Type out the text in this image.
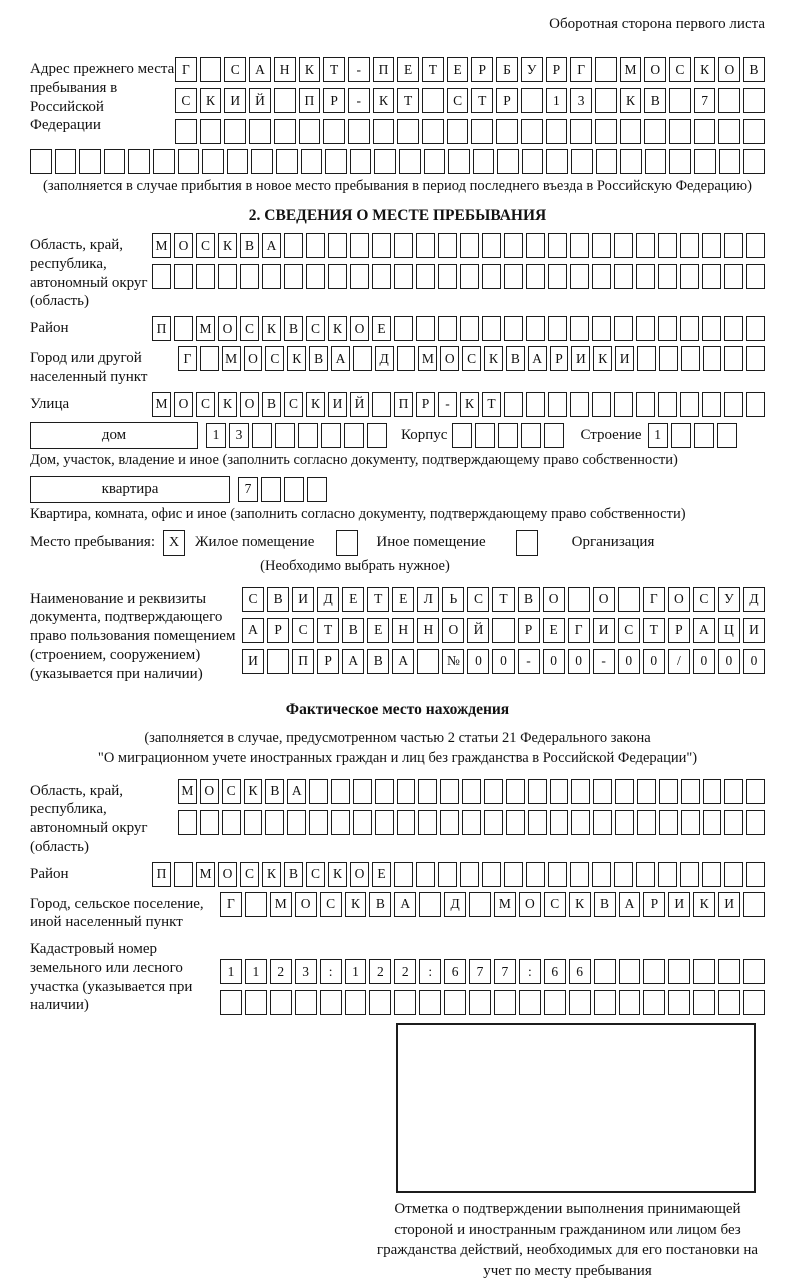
Оборотная сторона первого листа
Адрес прежнего места пребывания в Российской Федерации
Г	С	А	Н	К	Т	-	П	Е	Т	Е	Р	Б	У	Р	Г	М	О	С	К	О	В
С	К	И	Й	П	Р	-	К	Т	С	Т	Р	1	3	К	В	7
(заполняется в случае прибытия в новое место пребывания в период последнего въезда в Российскую Федерацию)
2. СВЕДЕНИЯ О МЕСТЕ ПРЕБЫВАНИЯ
Область, край, республика, автономный округ (область)
М О С К В А
Район	П	М О С К В С К О Е
Город или другой населенный пункт
Г	М О С К В А	Д	М О С К В А Р И К И
Улица	М О С К О В С К И Й	П Р	-	К Т
дом	1	3	Корпус	Строение 1
Дом, участок, владение и иное (заполнить согласно документу, подтверждающему право собственности)
квартира	7
Квартира, комната, офис и иное (заполнить согласно документу, подтверждающему право собственности)
Место пребывания: X	Жилое помещение	Иное помещение	Организация
(Необходимо выбрать нужное)
Наименование и реквизиты документа, подтверждающего право пользования помещением (строением, сооружением) (указывается при наличии)
С	В	И	Д	Е	Т	Е	Л	Ь	С	Т	В	О	О	Г	О	С	У	Д
А	Р	С	Т	В	Е	Н	Н	О	Й	Р	Е	Г	И	С	Т	Р	А	Ц	И
И	П	Р	А	В	А	№	0	0	-	0	0	-	0	0	/	0	0	0
Фактическое место нахождения
(заполняется в случае, предусмотренном частью 2 статьи 21 Федерального закона
"О миграционном учете иностранных граждан и лиц без гражданства в Российской Федерации")
Область, край, республика, автономный округ (область)
М О С К В А
Район	П	М О С К В С К О Е
Город, сельское поселение, иной населенный пункт
Г	М	О	С	К	В	А	Д	М	О	С	К	В	А	Р	И	К	И
Кадастровый номер земельного или лесного участка (указывается при наличии)
1	1	2	3	:	1	2	2	:	6	7	7	:	6	6
Отметка о подтверждении выполнения принимающей стороной и иностранным гражданином или лицом без гражданства действий, необходимых для его постановки на учет по месту пребывания
